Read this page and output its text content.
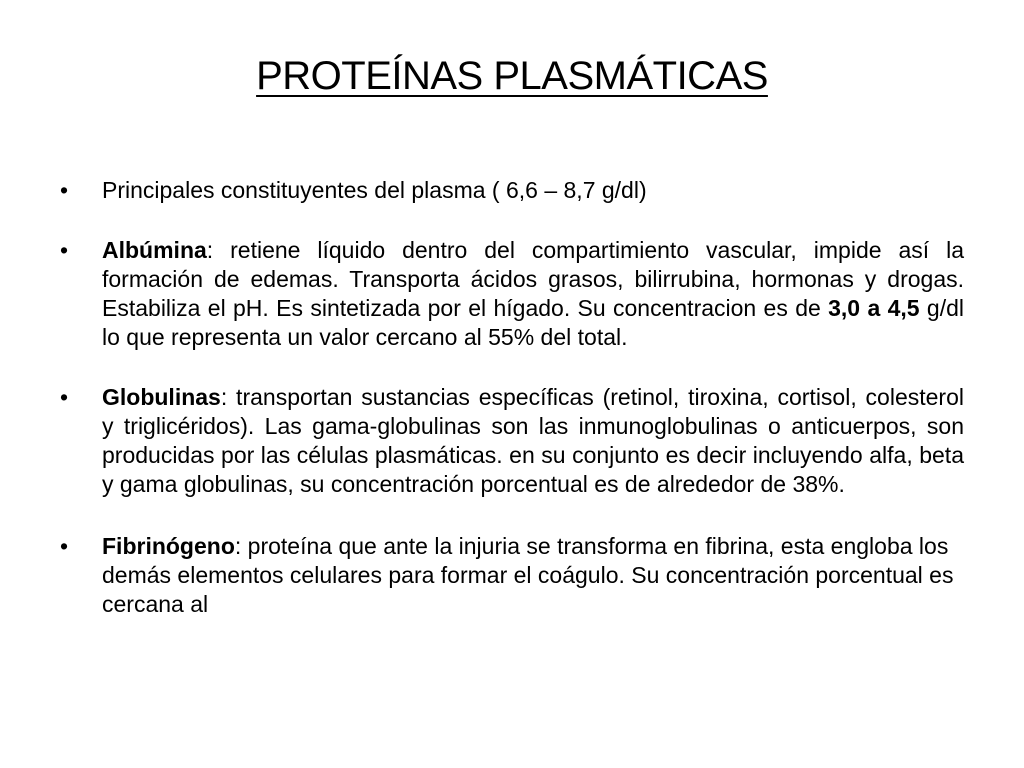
PROTEÍNAS PLASMÁTICAS
•	Principales constituyentes del plasma ( 6,6 – 8,7 g/dl)
•	Albúmina: retiene líquido dentro del compartimiento vascular, impide así la formación de edemas. Transporta ácidos grasos, bilirrubina, hormonas y drogas. Estabiliza el pH. Es sintetizada por el hígado. Su concentracion es de 3,0 a 4,5 g/dl lo que representa un valor cercano al 55% del total.
•	Globulinas: transportan sustancias específicas (retinol, tiroxina, cortisol, colesterol y triglicéridos). Las gama-globulinas son las inmunoglobulinas o anticuerpos, son producidas por las células plasmáticas. en su conjunto es decir incluyendo alfa, beta y gama globulinas, su concentración porcentual es de alrededor de 38%.
•	Fibrinógeno: proteína que ante la injuria se transforma en fibrina, esta engloba los demás elementos celulares para formar el coágulo. Su concentración porcentual es cercana al
